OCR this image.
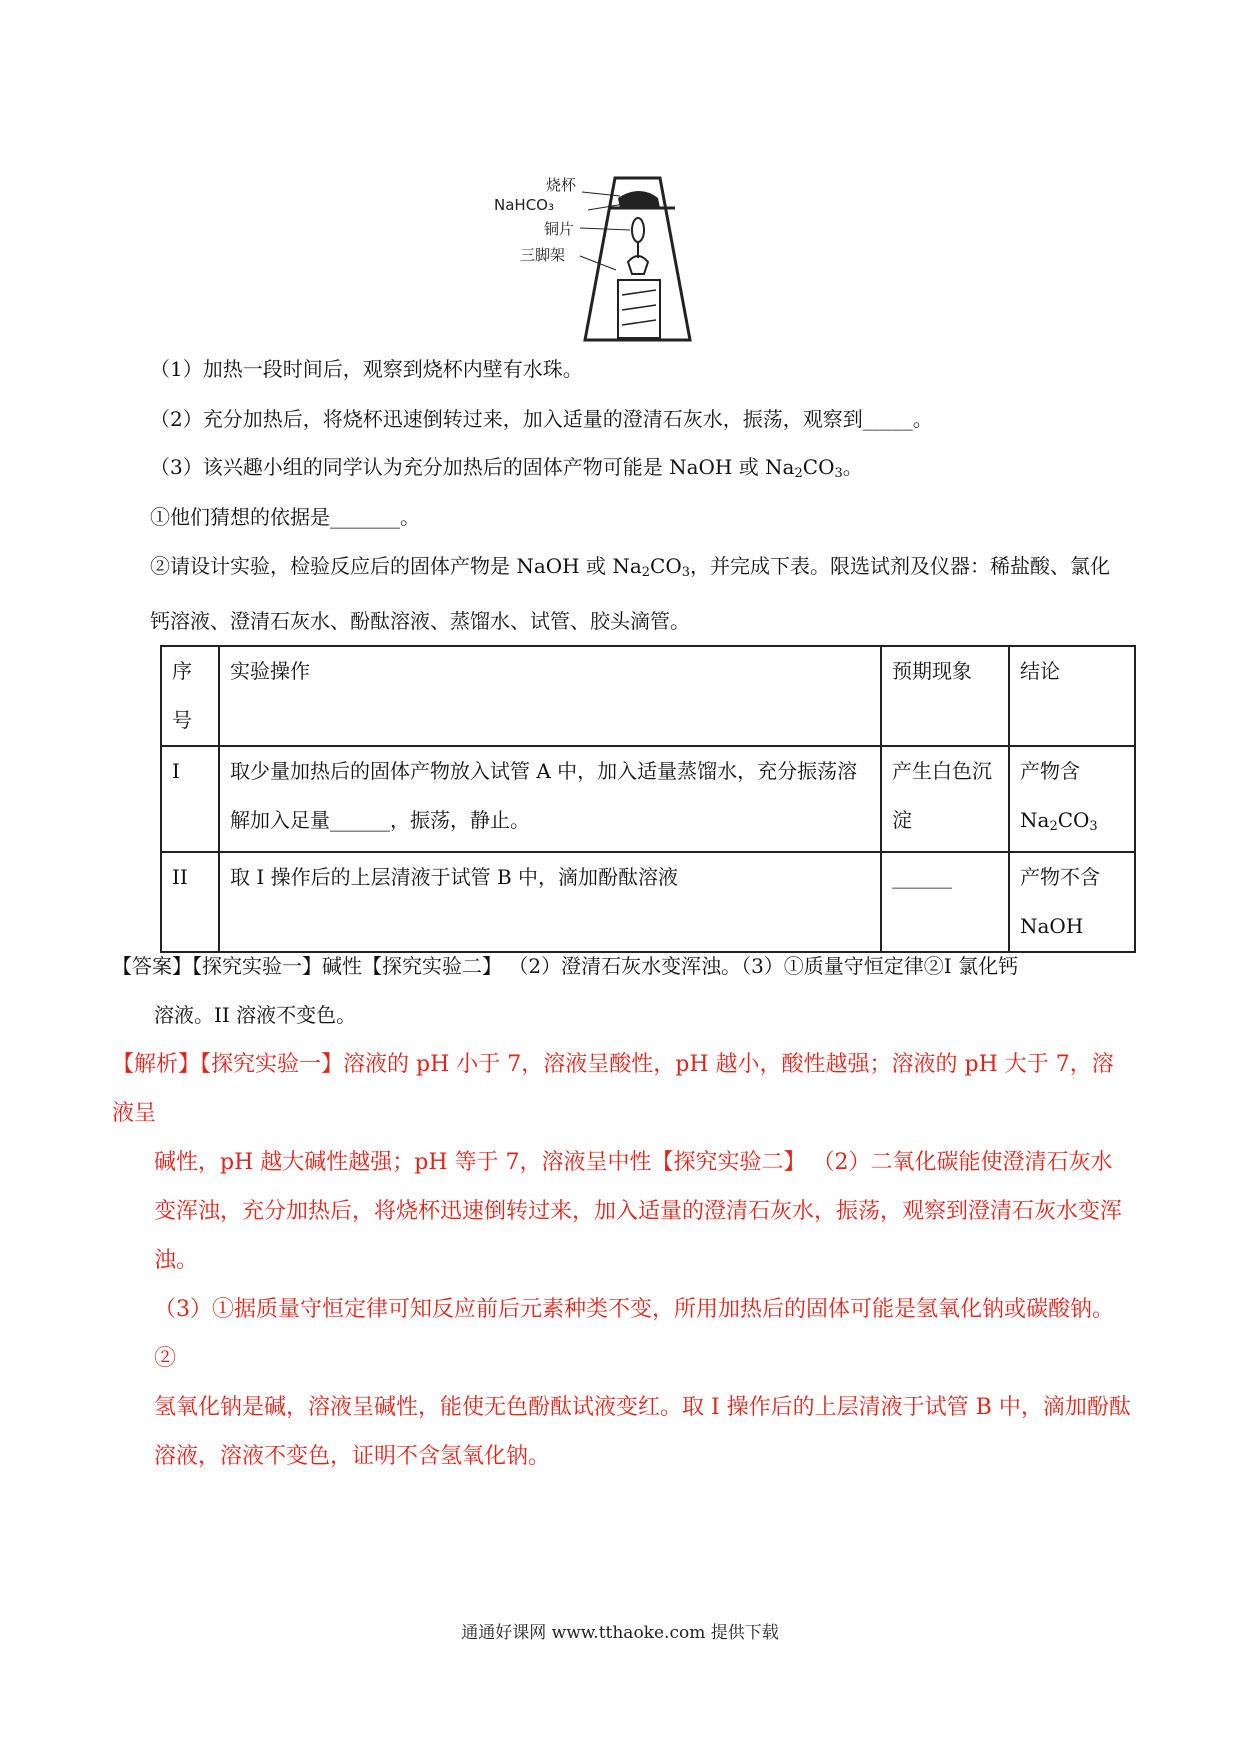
烧杯
NaHCO₃
铜片
三脚架
（1）加热一段时间后，观察到烧杯内壁有水珠。
（2）充分加热后，将烧杯迅速倒转过来，加入适量的澄清石灰水，振荡，观察到_____。
（3）该兴趣小组的同学认为充分加热后的固体产物可能是 NaOH 或 $Na_2CO_3$。
①他们猜想的依据是_______。
②请设计实验，检验反应后的固体产物是 NaOH 或 $Na_2CO_3$，并完成下表。限选试剂及仪器：稀盐酸、氯化钙溶液、澄清石灰水、酚酞溶液、蒸馏水、试管、胶头滴管。
序号	实验操作	预期现象	结论
I	取少量加热后的固体产物放入试管 A 中，加入适量蒸馏水，充分振荡溶解加入足量______，振荡，静止。	产生白色沉淀	产物含 $Na_2CO_3$
II	取 I 操作后的上层清液于试管 B 中，滴加酚酞溶液	______	产物不含 NaOH
【答案】【探究实验一】碱性【探究实验二】 （2）澄清石灰水变浑浊。（3）①质量守恒定律②I 氯化钙
溶液。II 溶液不变色。
【解析】【探究实验一】溶液的 pH 小于 7，溶液呈酸性，pH 越小，酸性越强；溶液的 pH 大于 7，溶液呈
碱性，pH 越大碱性越强；pH 等于 7，溶液呈中性【探究实验二】 （2）二氧化碳能使澄清石灰水变浑浊，充分加热后，将烧杯迅速倒转过来，加入适量的澄清石灰水，振荡，观察到澄清石灰水变浑浊。
（3）①据质量守恒定律可知反应前后元素种类不变，所用加热后的固体可能是氢氧化钠或碳酸钠。②
氢氧化钠是碱，溶液呈碱性，能使无色酚酞试液变红。取 I 操作后的上层清液于试管 B 中，滴加酚酞溶液，溶液不变色，证明不含氢氧化钠。
通通好课网 www.tthaoke.com 提供下载
